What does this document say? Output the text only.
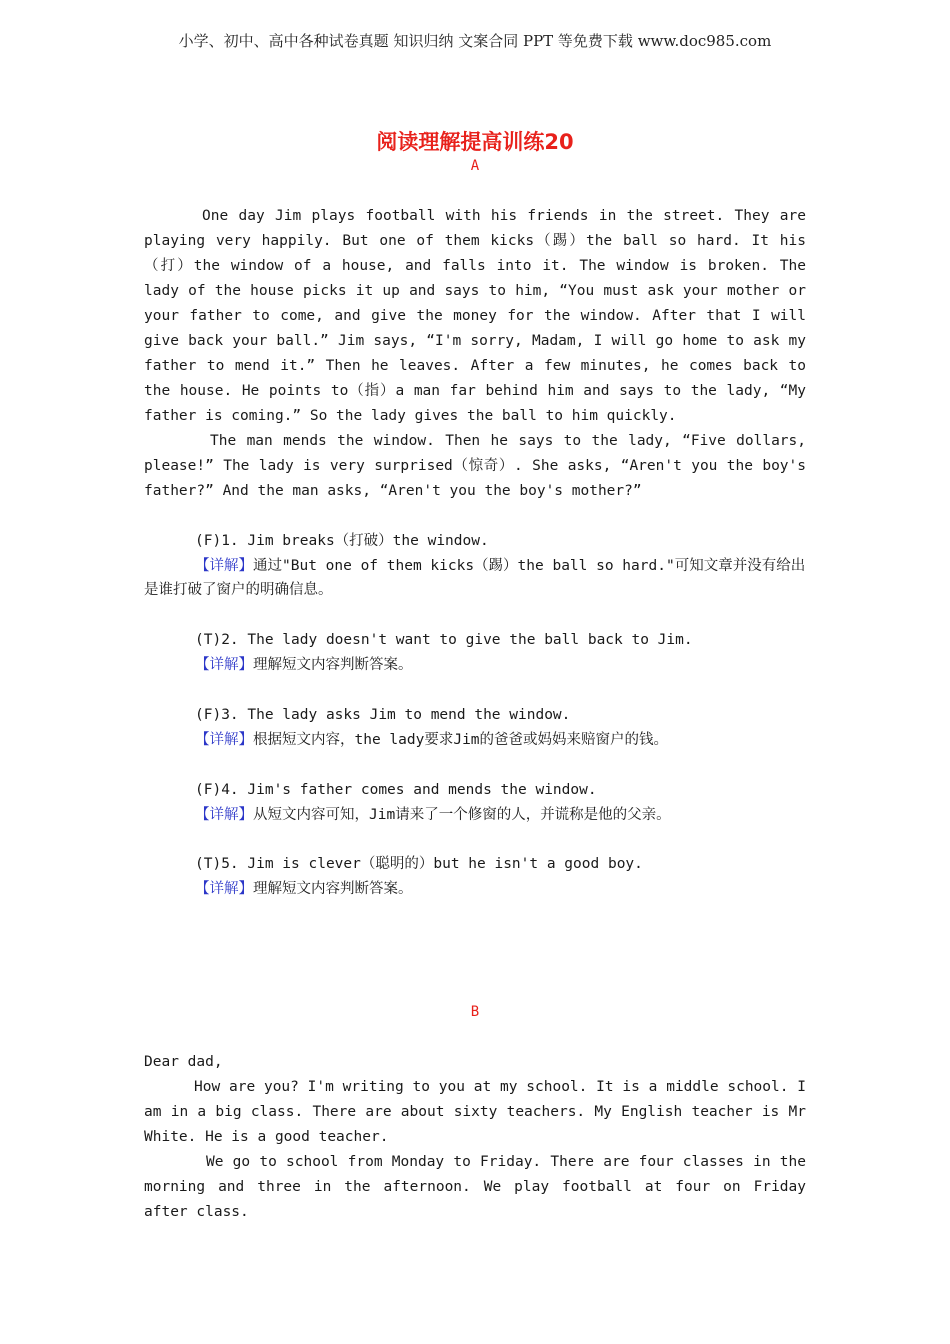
小学、初中、高中各种试卷真题 知识归纳 文案合同 PPT 等免费下载 www.doc985.com
阅读理解提高训练20
A

One day Jim plays football with his friends in the street. They are playing very happily. But one of them kicks（踢）the ball so hard. It his（打）the window of a house, and falls into it. The window is broken. The lady of the house picks it up and says to him, “You must ask your mother or your father to come, and give the money for the window. After that I will give back your ball.” Jim says, “I'm sorry, Madam, I will go home to ask my father to mend it.” Then he leaves. After a few minutes, he comes back to the house. He points to（指）a man far behind him and says to the lady, “My father is coming.” So the lady gives the ball to him quickly.

The man mends the window. Then he says to the lady, “Five dollars, please!” The lady is very surprised（惊奇）. She asks, “Aren't you the boy's father?” And the man asks, “Aren't you the boy's mother?”

(F)1. Jim breaks（打破）the window.

【详解】通过"But one of them kicks（踢）the ball so hard."可知文章并没有给出是谁打破了窗户的明确信息。

(T)2. The lady doesn't want to give the ball back to Jim.

【详解】理解短文内容判断答案。

(F)3. The lady asks Jim to mend the window.

【详解】根据短文内容，the lady要求Jim的爸爸或妈妈来赔窗户的钱。

(F)4. Jim's father comes and mends the window.

【详解】从短文内容可知，Jim请来了一个修窗的人，并谎称是他的父亲。

(T)5. Jim is clever（聪明的）but he isn't a good boy.

【详解】理解短文内容判断答案。

B

Dear dad,

How are you? I'm writing to you at my school. It is a middle school. I am in a big class. There are about sixty teachers. My English teacher is Mr White. He is a good teacher.

We go to school from Monday to Friday. There are four classes in the morning and three in the afternoon. We play football at four on Friday after class.
